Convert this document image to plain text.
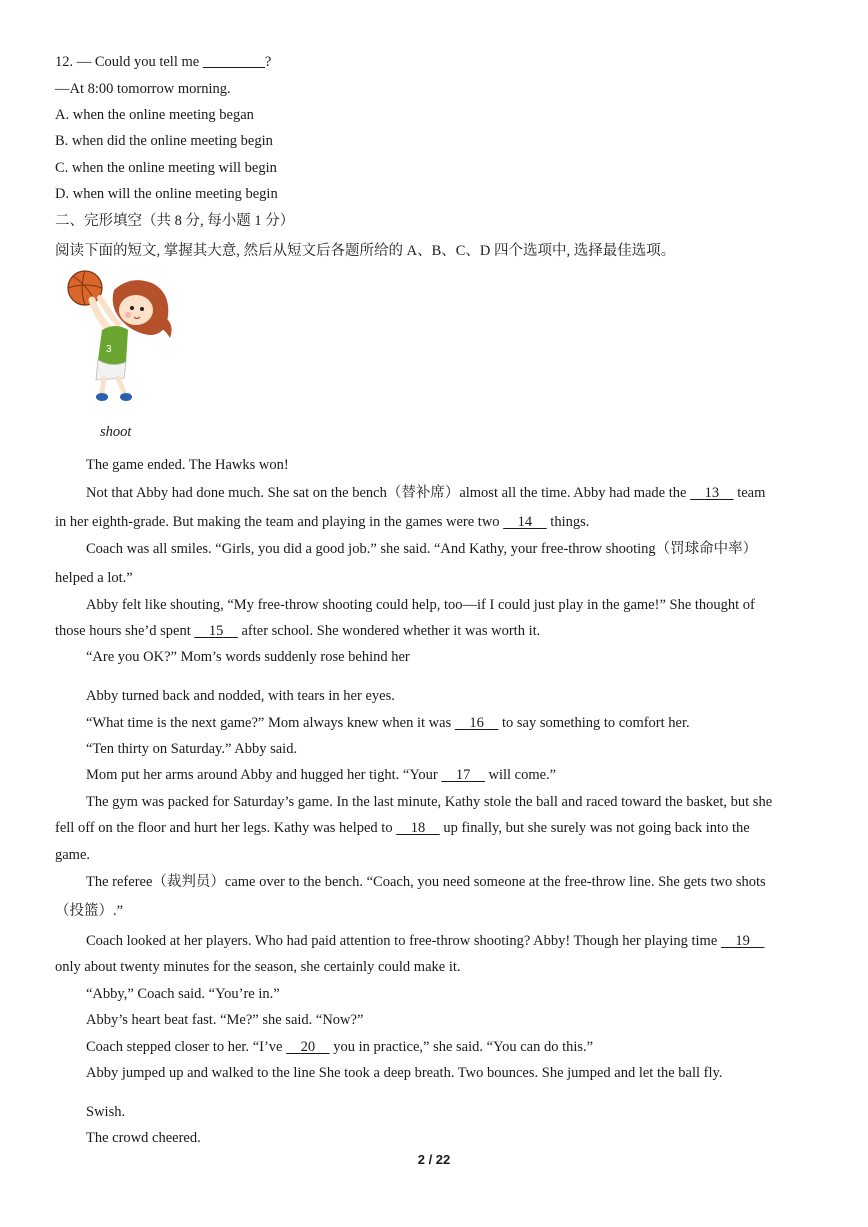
12. — Could you tell me	?
—At 8:00 tomorrow morning.
A. when the online meeting began
B. when did the online meeting begin
C. when the online meeting will begin
D. when will the online meeting begin
二、完形填空（共 8 分, 每小题 1 分）
阅读下面的短文, 掌握其大意, 然后从短文后各题所给的 A、B、C、D 四个选项中, 选择最佳选项。
3
shoot
The game ended. The Hawks won!
Not that Abby had done much. She sat on the bench（替补席）almost all the time. Abby had made the 13 team
in her eighth-grade. But making the team and playing in the games were two 14 things.
Coach was all smiles. “Girls, you did a good job.” she said. “And Kathy, your free-throw shooting（罚球命中率）
helped a lot.”
Abby felt like shouting, “My free-throw shooting could help, too—if I could just play in the game!” She thought of
those hours she’d spent 15 after school. She wondered whether it was worth it.
“Are you OK?” Mom’s words suddenly rose behind her
Abby turned back and nodded, with tears in her eyes.
“What time is the next game?” Mom always knew when it was 16 to say something to comfort her.
“Ten thirty on Saturday.” Abby said.
Mom put her arms around Abby and hugged her tight. “Your 17 will come.”
The gym was packed for Saturday’s game. In the last minute, Kathy stole the ball and raced toward the basket, but she
fell off on the floor and hurt her legs. Kathy was helped to 18 up finally, but she surely was not going back into the
game.
The referee（裁判员）came over to the bench. “Coach, you need someone at the free-throw line. She gets two shots
（投篮）.”
Coach looked at her players. Who had paid attention to free-throw shooting? Abby! Though her playing time 19
only about twenty minutes for the season, she certainly could make it.
“Abby,” Coach said. “You’re in.”
Abby’s heart beat fast. “Me?” she said. “Now?”
Coach stepped closer to her. “I’ve 20 you in practice,” she said. “You can do this.”
Abby jumped up and walked to the line She took a deep breath. Two bounces. She jumped and let the ball fly.
Swish.
The crowd cheered.
2 / 22
